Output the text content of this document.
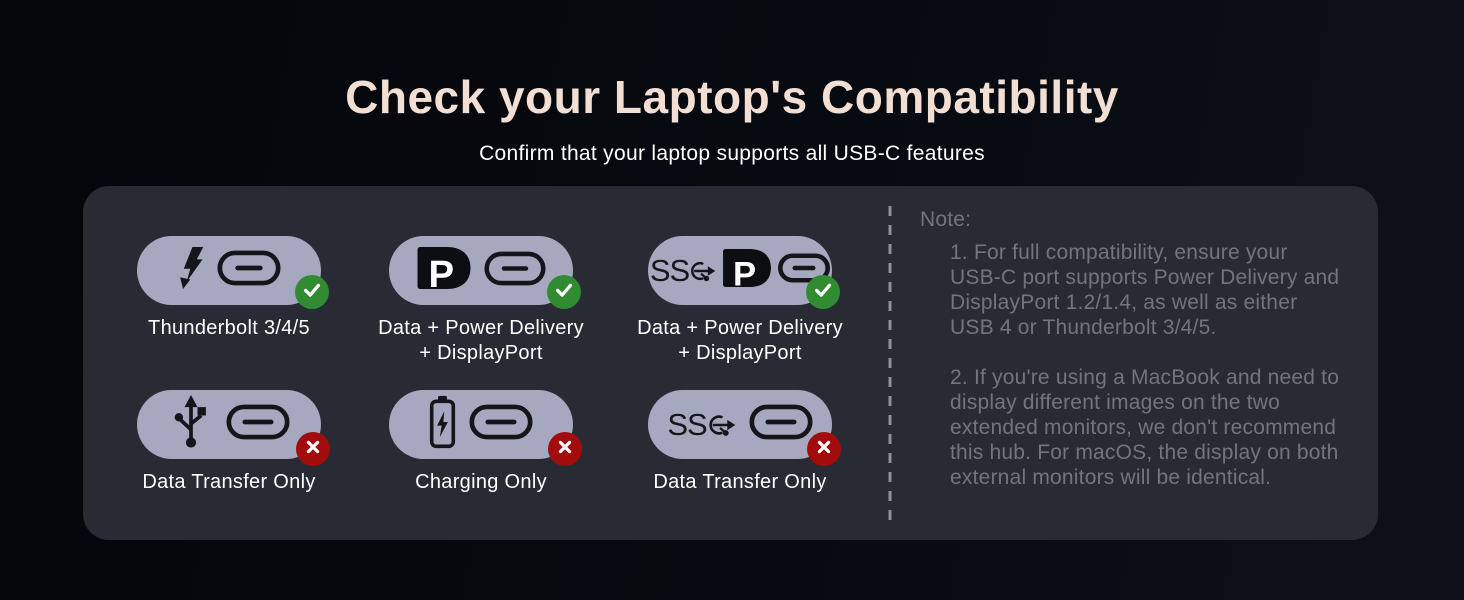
Check your Laptop's Compatibility
Confirm that your laptop supports all USB-C features
Thunderbolt 3/4/5
P
Data + Power Delivery
+ DisplayPort
SS P
Data + Power Delivery
+ DisplayPort
Data Transfer Only	Charging Only
SS
Data Transfer Only
Note:
1. For full compatibility, ensure your USB-C port supports Power Delivery and DisplayPort 1.2/1.4, as well as either USB 4 or Thunderbolt 3/4/5.
2. If you're using a MacBook and need to display different images on the two extended monitors, we don't recommend this hub. For macOS, the display on both external monitors will be identical.
